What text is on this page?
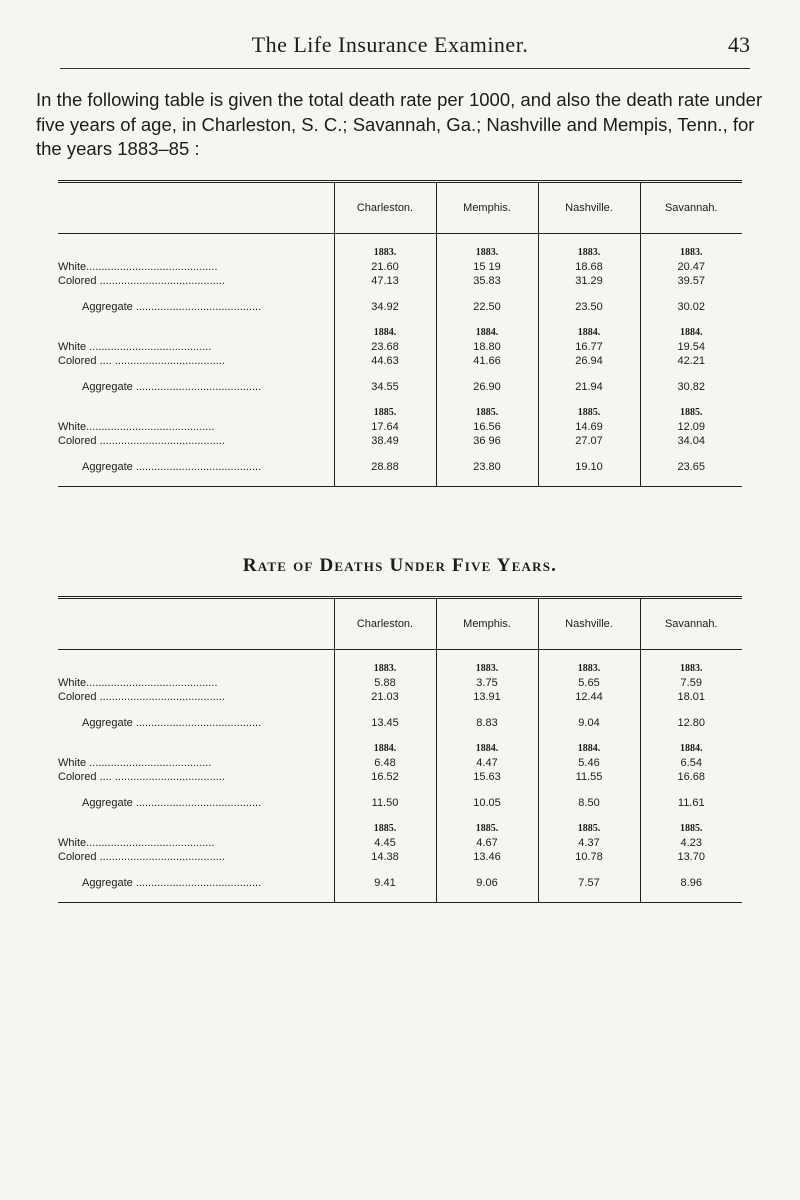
The Life Insurance Examiner.	43

In the following table is given the total death rate per 1000, and also the death rate under five years of age, in Charleston, S. C.; Savannah, Ga.; Nashville and Mempis, Tenn., for the years 1883–85 :

	Charleston.	Memphis.	Nashville.	Savannah.

	1883.	1883.	1883.	1883.
White...........................................	21.60	15 19	18.68	20.47
Colored .........................................	47.13	35.83	31.29	39.57

Aggregate .........................................	34.92	22.50	23.50	30.02

	1884.	1884.	1884.	1884.
White ........................................	23.68	18.80	16.77	19.54
Colored .... ....................................	44.63	41.66	26.94	42.21

Aggregate .........................................	34.55	26.90	21.94	30.82

	1885.	1885.	1885.	1885.
White..........................................	17.64	16.56	14.69	12.09
Colored .........................................	38.49	36 96	27.07	34.04

Aggregate .........................................	28.88	23.80	19.10	23.65

Rate of Deaths Under Five Years.
	Charleston.	Memphis.	Nashville.	Savannah.

	1883.	1883.	1883.	1883.
White...........................................	5.88	3.75	5.65	7.59
Colored .........................................	21.03	13.91	12.44	18.01

Aggregate .........................................	13.45	8.83	9.04	12.80

	1884.	1884.	1884.	1884.
White ........................................	6.48	4.47	5.46	6.54
Colored .... ....................................	16.52	15.63	11.55	16.68

Aggregate .........................................	11.50	10.05	8.50	11.61

	1885.	1885.	1885.	1885.
White..........................................	4.45	4.67	4.37	4.23
Colored .........................................	14.38	13.46	10.78	13.70

Aggregate .........................................	9.41	9.06	7.57	8.96
